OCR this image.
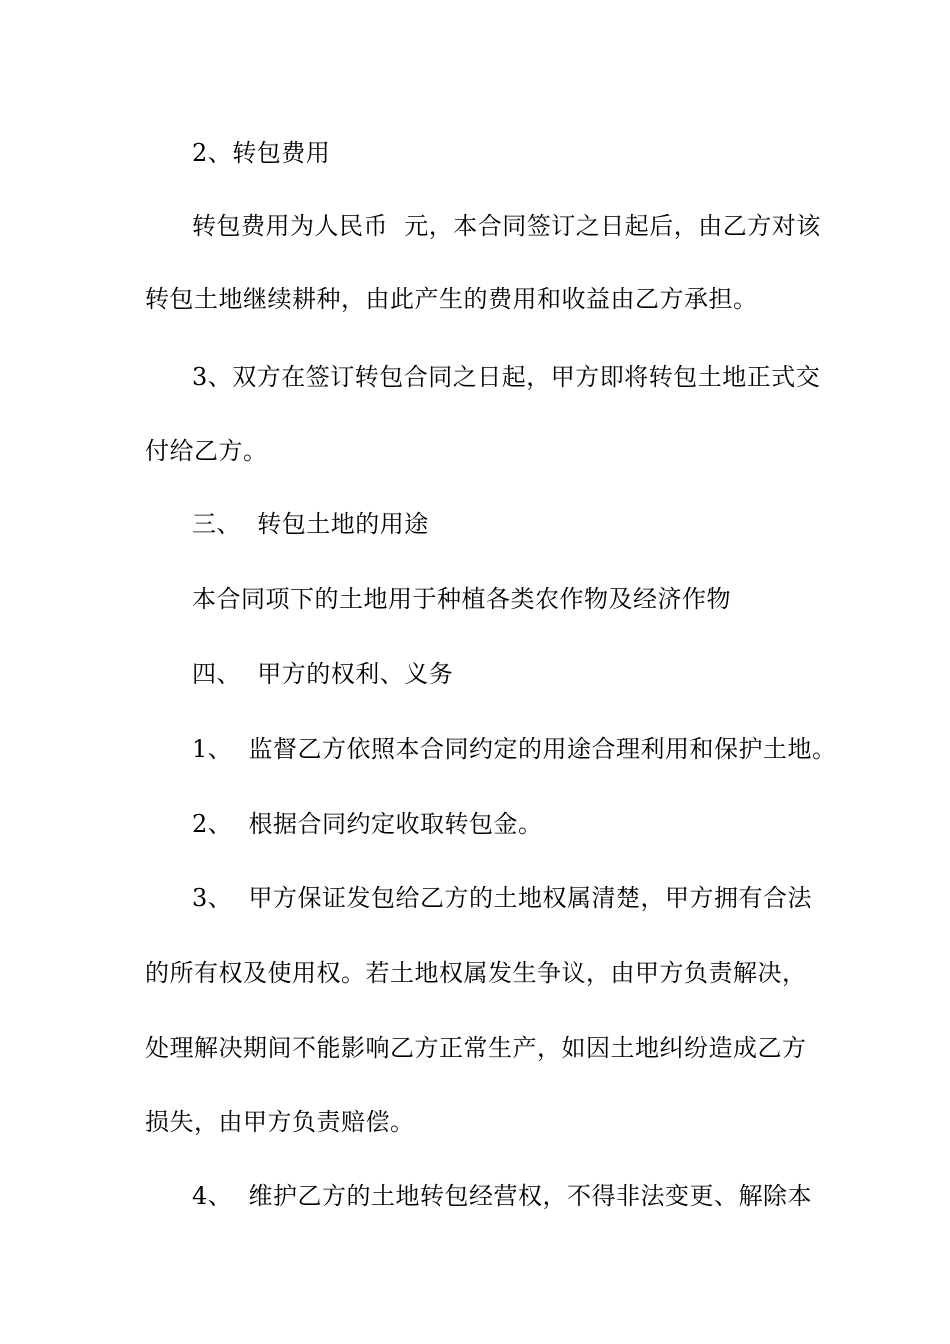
2、转包费用
转包费用为人民币  元，本合同签订之日起后，由乙方对该
转包土地继续耕种，由此产生的费用和收益由乙方承担。
3、双方在签订转包合同之日起，甲方即将转包土地正式交
付给乙方。
三、  转包土地的用途
本合同项下的土地用于种植各类农作物及经济作物
四、  甲方的权利、义务
1、  监督乙方依照本合同约定的用途合理利用和保护土地。
2、  根据合同约定收取转包金。
3、  甲方保证发包给乙方的土地权属清楚，甲方拥有合法
的所有权及使用权。若土地权属发生争议，由甲方负责解决，
处理解决期间不能影响乙方正常生产，如因土地纠纷造成乙方
损失，由甲方负责赔偿。
4、  维护乙方的土地转包经营权，不得非法变更、解除本
